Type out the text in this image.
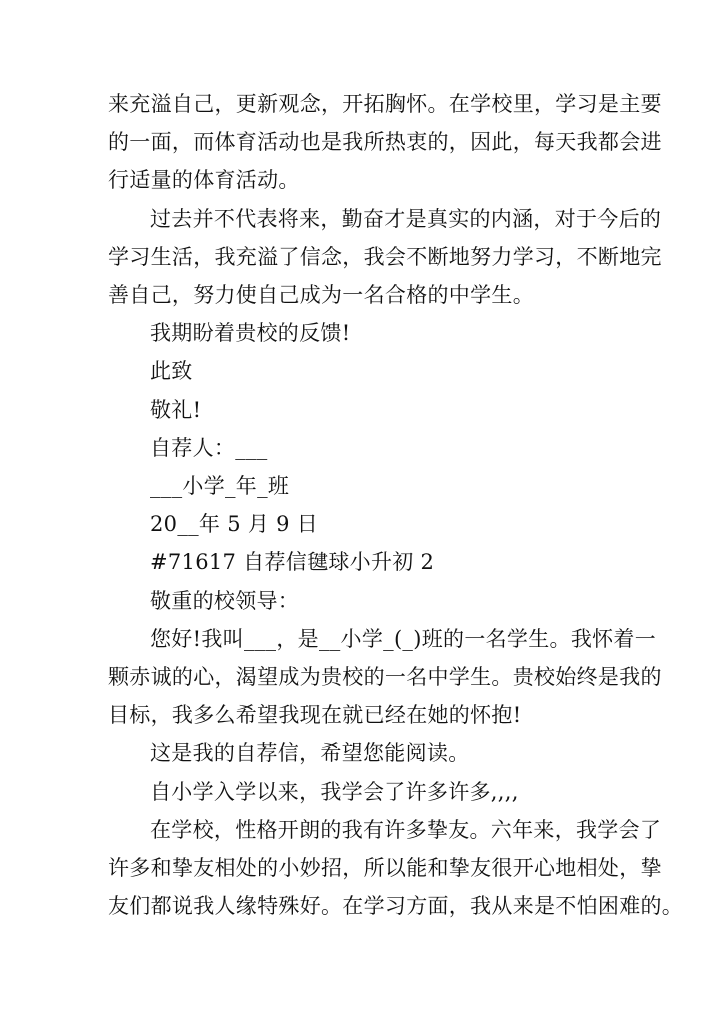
来充溢自己，更新观念，开拓胸怀。在学校里，学习是主要
的一面，而体育活动也是我所热衷的，因此，每天我都会进
行适量的体育活动。

过去并不代表将来，勤奋才是真实的内涵，对于今后的
学习生活，我充溢了信念，我会不断地努力学习，不断地完
善自己，努力使自己成为一名合格的中学生。

我期盼着贵校的反馈!

此致

敬礼!

自荐人：___

___小学_年_班

20__年 5 月 9 日

#71617 自荐信毽球小升初 2

敬重的校领导：

您好!我叫___，是__小学_(_)班的一名学生。我怀着一
颗赤诚的心，渴望成为贵校的一名中学生。贵校始终是我的
目标，我多么希望我现在就已经在她的怀抱!

这是我的自荐信，希望您能阅读。

自小学入学以来，我学会了许多许多,,,,

在学校，性格开朗的我有许多挚友。六年来，我学会了
许多和挚友相处的小妙招，所以能和挚友很开心地相处，挚
友们都说我人缘特殊好。在学习方面，我从来是不怕困难的。
